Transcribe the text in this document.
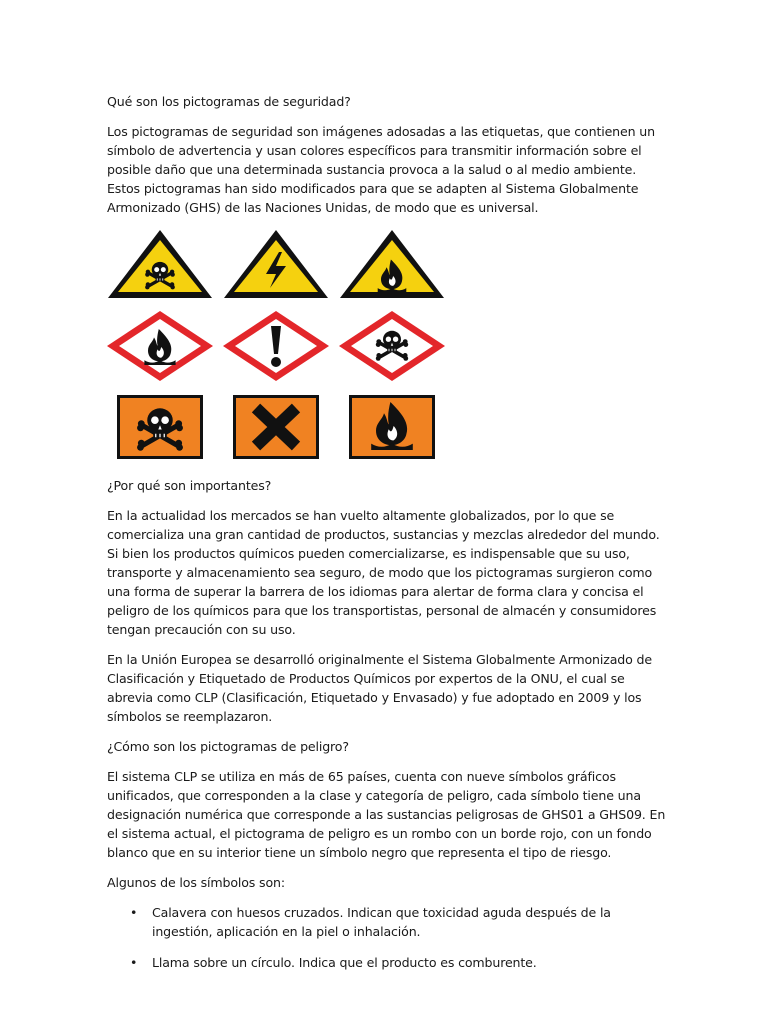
Qué son los pictogramas de seguridad?

Los pictogramas de seguridad son imágenes adosadas a las etiquetas, que contienen un símbolo de advertencia y usan colores específicos para transmitir información sobre el posible daño que una determinada sustancia provoca a la salud o al medio ambiente. Estos pictogramas han sido modificados para que se adapten al Sistema Globalmente Armonizado (GHS) de las Naciones Unidas, de modo que es universal.

¿Por qué son importantes?

En la actualidad los mercados se han vuelto altamente globalizados, por lo que se comercializa una gran cantidad de productos, sustancias y mezclas alrededor del mundo. Si bien los productos químicos pueden comercializarse, es indispensable que su uso, transporte y almacenamiento sea seguro, de modo que los pictogramas surgieron como una forma de superar la barrera de los idiomas para alertar de forma clara y concisa el peligro de los químicos para que los transportistas, personal de almacén y consumidores tengan precaución con su uso.

En la Unión Europea se desarrolló originalmente el Sistema Globalmente Armonizado de Clasificación y Etiquetado de Productos Químicos por expertos de la ONU, el cual se abrevia como CLP (Clasificación, Etiquetado y Envasado) y fue adoptado en 2009 y los símbolos se reemplazaron.

¿Cómo son los pictogramas de peligro?

El sistema CLP se utiliza en más de 65 países, cuenta con nueve símbolos gráficos unificados, que corresponden a la clase y categoría de peligro, cada símbolo tiene una designación numérica que corresponde a las sustancias peligrosas de GHS01 a GHS09. En el sistema actual, el pictograma de peligro es un rombo con un borde rojo, con un fondo blanco que en su interior tiene un símbolo negro que representa el tipo de riesgo.

Algunos de los símbolos son:

• Calavera con huesos cruzados. Indican que toxicidad aguda después de la ingestión, aplicación en la piel o inhalación.
• Llama sobre un círculo. Indica que el producto es comburente.
